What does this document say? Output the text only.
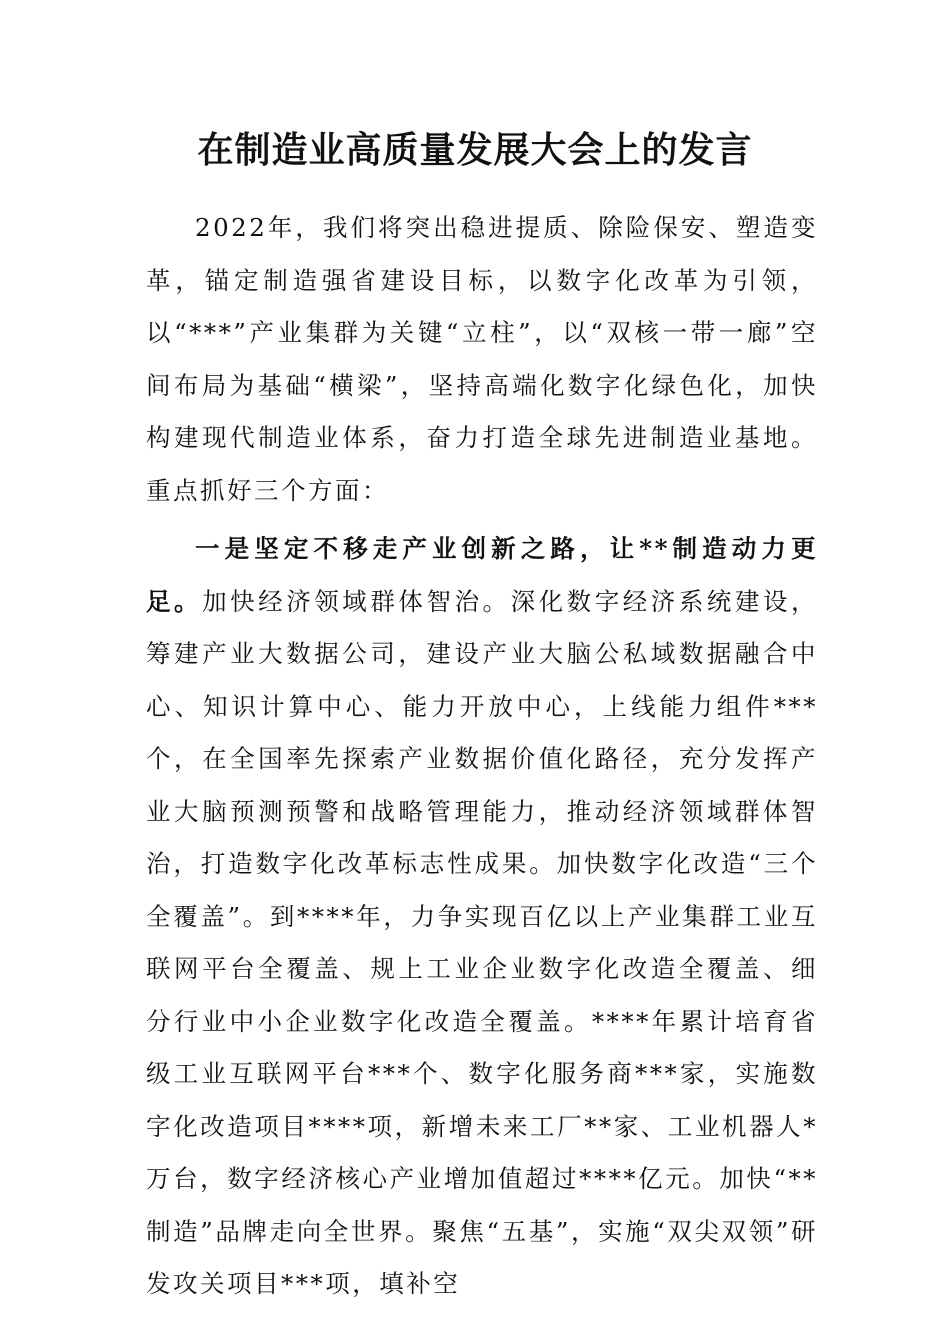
在制造业高质量发展大会上的发言

2022年，我们将突出稳进提质、除险保安、塑造变革，锚定制造强省建设目标，以数字化改革为引领，以“***”产业集群为关键“立柱”，以“双核一带一廊”空间布局为基础“横梁”，坚持高端化数字化绿色化，加快构建现代制造业体系，奋力打造全球先进制造业基地。重点抓好三个方面：

一是坚定不移走产业创新之路，让**制造动力更足。加快经济领域群体智治。深化数字经济系统建设，筹建产业大数据公司，建设产业大脑公私域数据融合中心、知识计算中心、能力开放中心，上线能力组件***个，在全国率先探索产业数据价值化路径，充分发挥产业大脑预测预警和战略管理能力，推动经济领域群体智治，打造数字化改革标志性成果。加快数字化改造“三个全覆盖”。到****年，力争实现百亿以上产业集群工业互联网平台全覆盖、规上工业企业数字化改造全覆盖、细分行业中小企业数字化改造全覆盖。****年累计培育省级工业互联网平台***个、数字化服务商***家，实施数字化改造项目****项，新增未来工厂**家、工业机器人*万台，数字经济核心产业增加值超过****亿元。加快“**制造”品牌走向全世界。聚焦“五基”，实施“双尖双领”研发攻关项目***项，填补空
